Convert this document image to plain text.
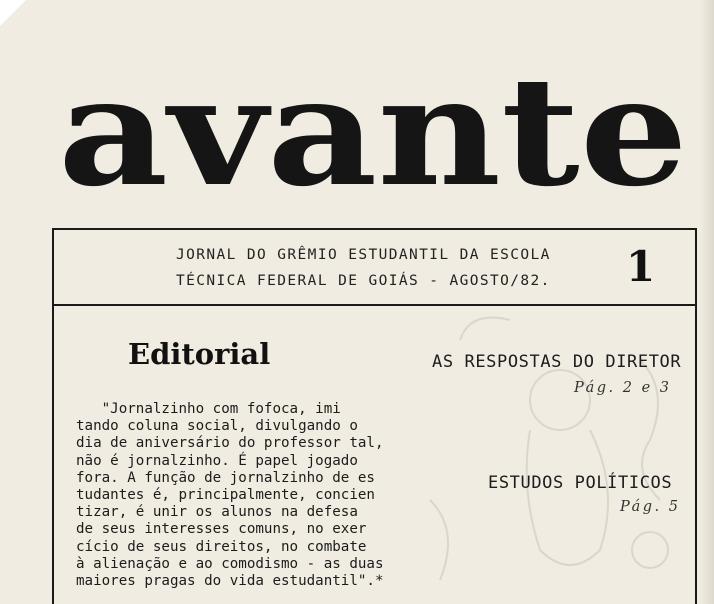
avante
JORNAL DO GRÊMIO ESTUDANTIL DA ESCOLA
TÉCNICA FEDERAL DE GOIÁS - AGOSTO/82. 1
Editorial
"Jornalzinho com fofoca, imi
tando coluna social, divulgando o
dia de aniversário do professor tal,
não é jornalzinho. É papel jogado
fora. A função de jornalzinho de es
tudantes é, principalmente, concien
tizar, é unir os alunos na defesa
de seus interesses comuns, no exer
cício de seus direitos, no combate
à alienação e ao comodismo - as duas
maiores pragas do vida estudantil".*
AS RESPOSTAS DO DIRETOR
Pág. 2 e 3
ESTUDOS POLÍTICOS
Pág. 5
